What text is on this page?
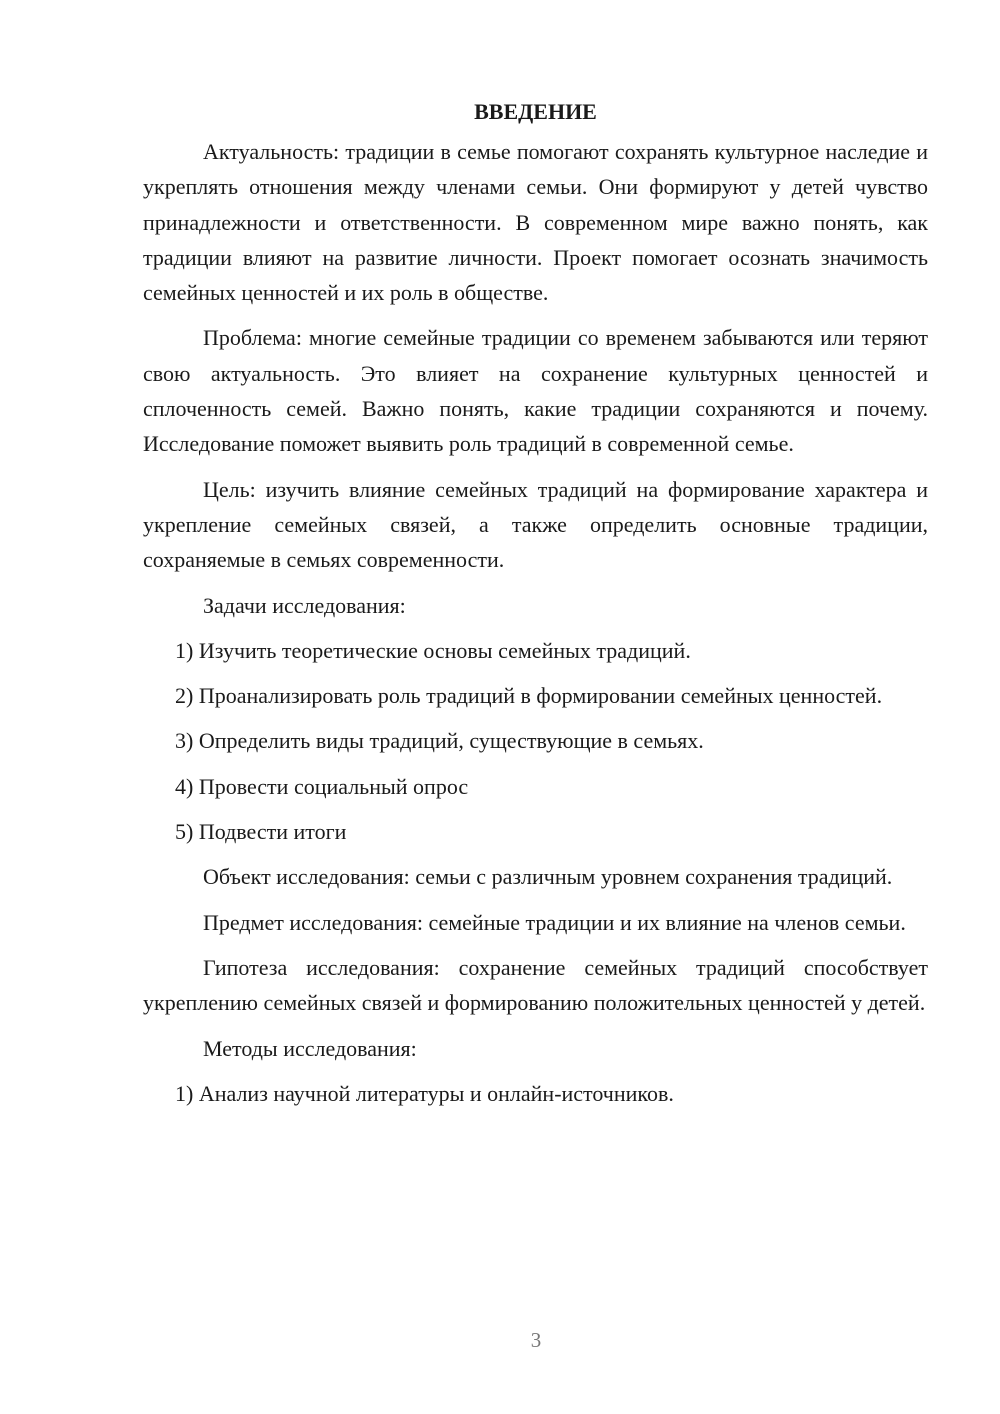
ВВЕДЕНИЕ

Актуальность: традиции в семье помогают сохранять культурное наследие и укреплять отношения между членами семьи. Они формируют у детей чувство принадлежности и ответственности. В современном мире важно понять, как традиции влияют на развитие личности. Проект помогает осознать значимость семейных ценностей и их роль в обществе.

Проблема: многие семейные традиции со временем забываются или теряют свою актуальность. Это влияет на сохранение культурных ценностей и сплоченность семей. Важно понять, какие традиции сохраняются и почему. Исследование поможет выявить роль традиций в современной семье.

Цель: изучить влияние семейных традиций на формирование характера и укрепление семейных связей, а также определить основные традиции, сохраняемые в семьях современности.

Задачи исследования:

1) Изучить теоретические основы семейных традиций.

2) Проанализировать роль традиций в формировании семейных ценностей.

3) Определить виды традиций, существующие в семьях.

4) Провести социальный опрос

5) Подвести итоги

Объект исследования: семьи с различным уровнем сохранения традиций.

Предмет исследования: семейные традиции и их влияние на членов семьи.

Гипотеза исследования: сохранение семейных традиций способствует укреплению семейных связей и формированию положительных ценностей у детей.

Методы исследования:

1) Анализ научной литературы и онлайн-источников.

3
